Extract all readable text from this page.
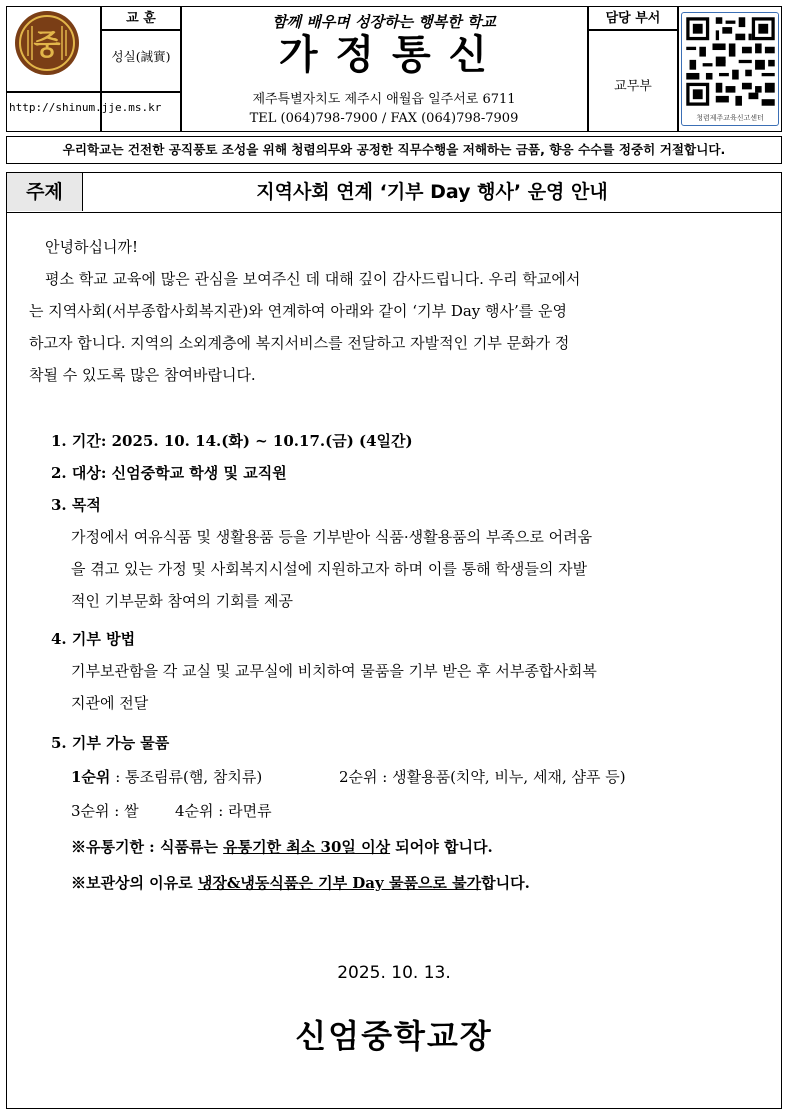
교 훈
성실(誠實)
http://shinum.jje.ms.kr
함께 배우며 성장하는 행복한 학교
가 정 통 신
제주특별자치도 제주시 애월읍 일주서로 6711
TEL (064)798-7900 / FAX (064)798-7909
담당 부서
교무부
중
청렴제주교육신고센터
우리학교는 건전한 공직풍토 조성을 위해 청렴의무와 공정한 직무수행을 저해하는 금품, 향응 수수를 정중히 거절합니다.
주제	지역사회 연계 ‘기부 Day 행사’ 운영 안내
안녕하십니까!
평소 학교 교육에 많은 관심을 보여주신 데 대해 깊이 감사드립니다. 우리 학교에서
는 지역사회(서부종합사회복지관)와 연계하여 아래와 같이 ‘기부 Day 행사’를 운영
하고자 합니다. 지역의 소외계층에 복지서비스를 전달하고 자발적인 기부 문화가 정
착될 수 있도록 많은 참여바랍니다.
1. 기간: 2025. 10. 14.(화) ~ 10.17.(금) (4일간)
2. 대상: 신엄중학교 학생 및 교직원
3. 목적
가정에서 여유식품 및 생활용품 등을 기부받아 식품·생활용품의 부족으로 어려움
을 겪고 있는 가정 및 사회복지시설에 지원하고자 하며 이를 통해 학생들의 자발
적인 기부문화 참여의 기회를 제공
4. 기부 방법
기부보관함을 각 교실 및 교무실에 비치하여 물품을 기부 받은 후 서부종합사회복
지관에 전달
5. 기부 가능 물품
1순위 : 통조림류(햄, 참치류)	2순위 : 생활용품(치약, 비누, 세재, 샴푸 등)
3순위 : 쌀 4순위 : 라면류
※유통기한 : 식품류는 유통기한 최소 30일 이상 되어야 합니다.
※보관상의 이유로 냉장&냉동식품은 기부 Day 물품으로 불가합니다.
2025. 10. 13.
신엄중학교장
